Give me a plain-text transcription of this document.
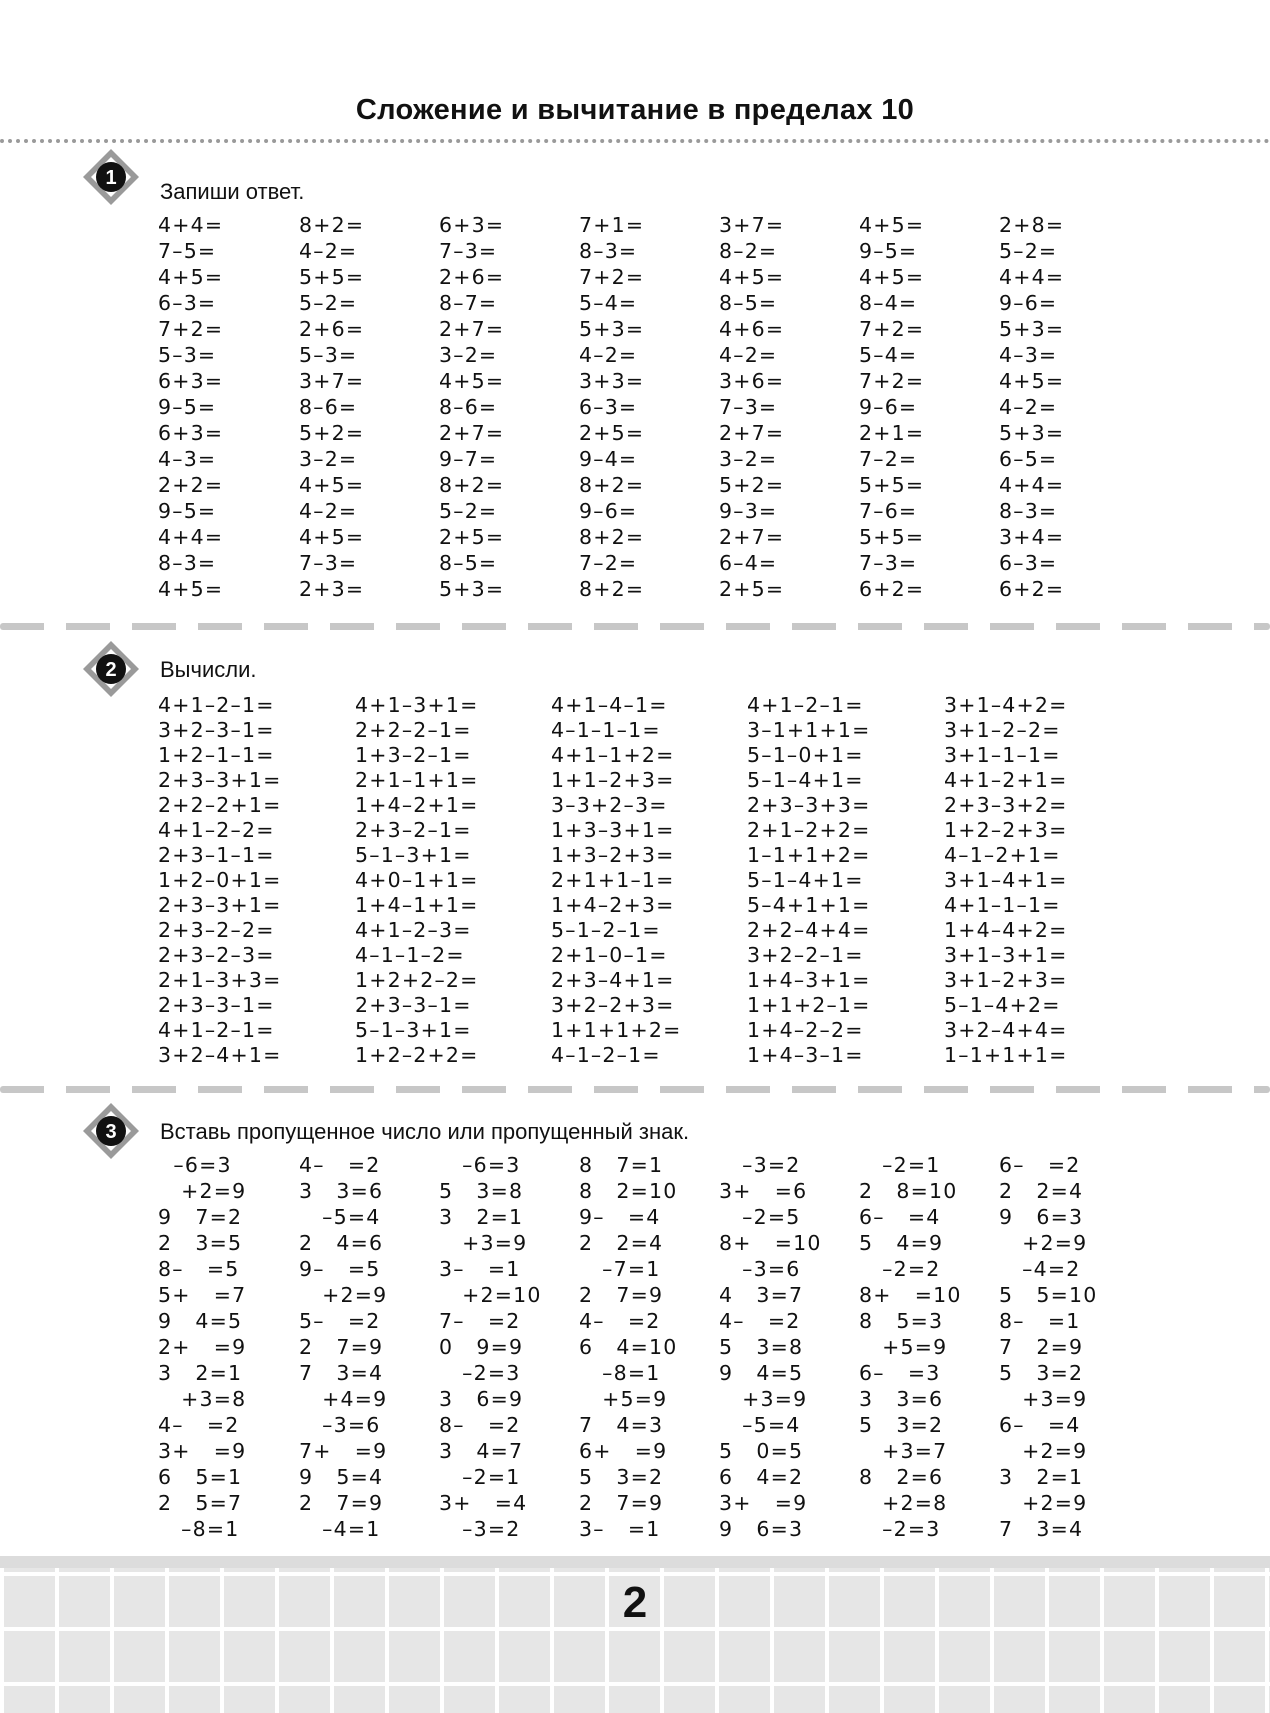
Сложение и вычитание в пределах 10
1
Запиши ответ.
4+4=
7–5=
4+5=
6–3=
7+2=
5–3=
6+3=
9–5=
6+3=
4–3=
2+2=
9–5=
4+4=
8–3=
4+5=
8+2=
4–2=
5+5=
5–2=
2+6=
5–3=
3+7=
8–6=
5+2=
3–2=
4+5=
4–2=
4+5=
7–3=
2+3=
6+3=
7–3=
2+6=
8–7=
2+7=
3–2=
4+5=
8–6=
2+7=
9–7=
8+2=
5–2=
2+5=
8–5=
5+3=
7+1=
8–3=
7+2=
5–4=
5+3=
4–2=
3+3=
6–3=
2+5=
9–4=
8+2=
9–6=
8+2=
7–2=
8+2=
3+7=
8–2=
4+5=
8–5=
4+6=
4–2=
3+6=
7–3=
2+7=
3–2=
5+2=
9–3=
2+7=
6–4=
2+5=
4+5=
9–5=
4+5=
8–4=
7+2=
5–4=
7+2=
9–6=
2+1=
7–2=
5+5=
7–6=
5+5=
7–3=
6+2=
2+8=
5–2=
4+4=
9–6=
5+3=
4–3=
4+5=
4–2=
5+3=
6–5=
4+4=
8–3=
3+4=
6–3=
6+2=
2 Вычисли.
4+1–2–1=
3+2–3–1=
1+2–1–1=
2+3–3+1=
2+2–2+1=
4+1–2–2=
2+3–1–1=
1+2–0+1=
2+3–3+1=
2+3–2–2=
2+3–2–3=
2+1–3+3=
2+3–3–1=
4+1–2–1=
3+2–4+1=
4+1–3+1=
2+2–2–1=
1+3–2–1=
2+1–1+1=
1+4–2+1=
2+3–2–1=
5–1–3+1=
4+0–1+1=
1+4–1+1=
4+1–2–3=
4–1–1–2=
1+2+2–2=
2+3–3–1=
5–1–3+1=
1+2–2+2=
4+1–4–1=
4–1–1–1=
4+1–1+2=
1+1–2+3=
3–3+2–3=
1+3–3+1=
1+3–2+3=
2+1+1–1=
1+4–2+3=
5–1–2–1=
2+1–0–1=
2+3–4+1=
3+2–2+3=
1+1+1+2=
4–1–2–1=
4+1–2–1=
3–1+1+1=
5–1–0+1=
5–1–4+1=
2+3–3+3=
2+1–2+2=
1–1+1+2=
5–1–4+1=
5–4+1+1=
2+2–4+4=
3+2–2–1=
1+4–3+1=
1+1+2–1=
1+4–2–2=
1+4–3–1=
3+1–4+2=
3+1–2–2=
3+1–1–1=
4+1–2+1=
2+3–3+2=
1+2–2+3=
4–1–2+1=
3+1–4+1=
4+1–1–1=
1+4–4+2=
3+1–3+1=
3+1–2+3=
5–1–4+2=
3+2–4+4=
1–1+1+1=
3 Вставь пропущенное число или пропущенный знак.
–6=3
+2=9
9   7=2
2   3=5
8–   =5
5+   =7
9   4=5
2+   =9
3   2=1
+3=8
4–   =2
3+   =9
6   5=1
2   5=7
–8=1
4–   =2
3   3=6
–5=4
2   4=6
9–   =5
+2=9
5–   =2
2   7=9
7   3=4
+4=9
–3=6
7+   =9
9   5=4
2   7=9
–4=1
–6=3
5   3=8
3   2=1
+3=9
3–   =1
+2=10
7–   =2
0   9=9
–2=3
3   6=9
8–   =2
3   4=7
–2=1
3+   =4
–3=2
8   7=1
8   2=10
9–   =4
2   2=4
–7=1
2   7=9
4–   =2
6   4=10
–8=1
+5=9
7   4=3
6+   =9
5   3=2
2   7=9
3–   =1
–3=2
3+   =6
–2=5
8+   =10
–3=6
4   3=7
4–   =2
5   3=8
9   4=5
+3=9
–5=4
5   0=5
6   4=2
3+   =9
9   6=3
–2=1
2   8=10
6–   =4
5   4=9
–2=2
8+   =10
8   5=3
+5=9
6–   =3
3   3=6
5   3=2
+3=7
8   2=6
+2=8
–2=3
6–   =2
2   2=4
9   6=3
+2=9
–4=2
5   5=10
8–   =1
7   2=9
5   3=2
+3=9
6–   =4
+2=9
3   2=1
+2=9
7   3=4
2
